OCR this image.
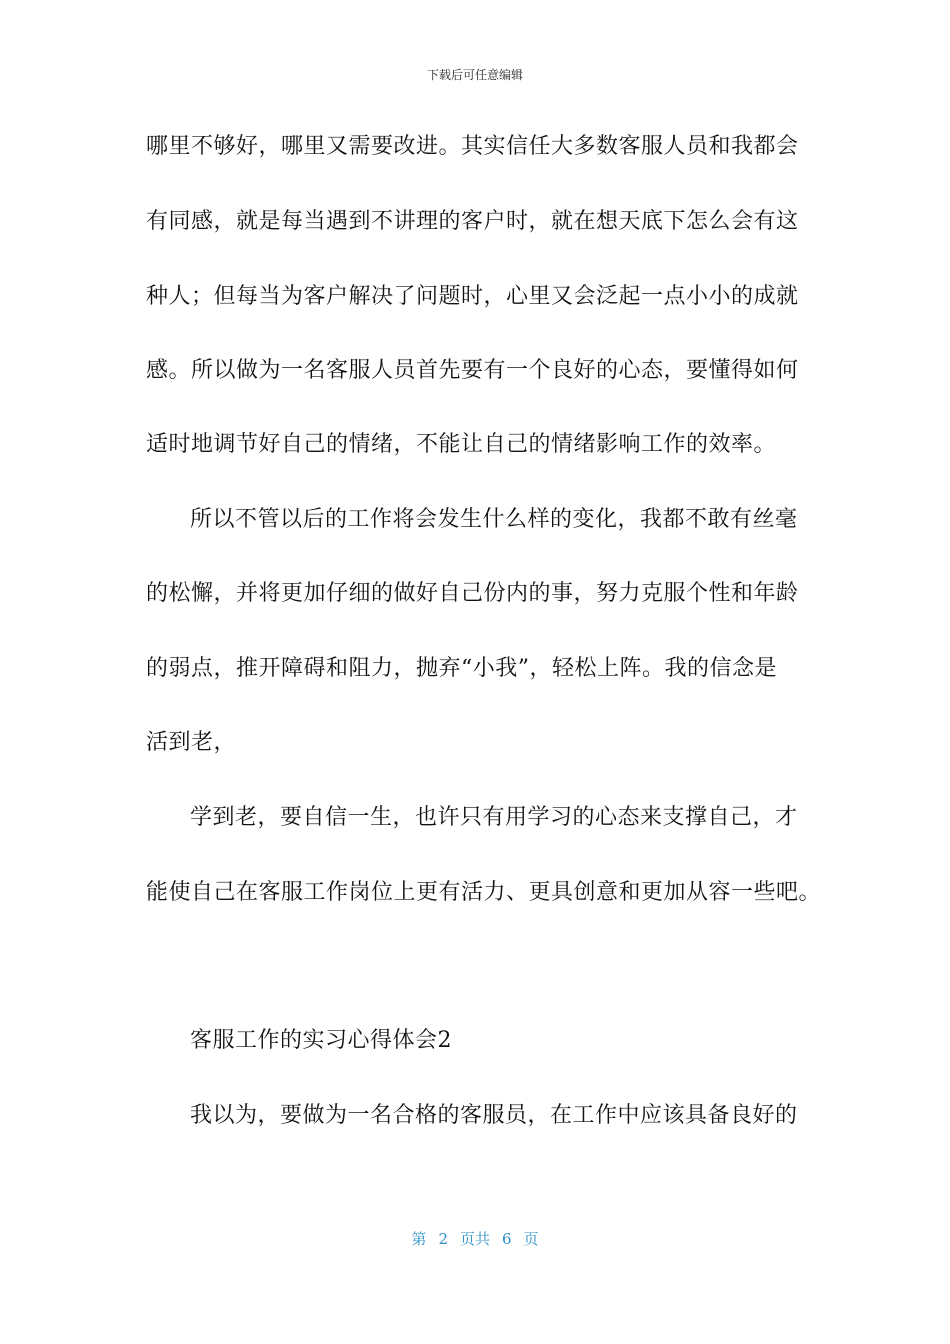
下载后可任意编辑
哪里不够好，哪里又需要改进。其实信任大多数客服人员和我都会
有同感，就是每当遇到不讲理的客户时，就在想天底下怎么会有这
种人；但每当为客户解决了问题时，心里又会泛起一点小小的成就
感。所以做为一名客服人员首先要有一个良好的心态，要懂得如何
适时地调节好自己的情绪，不能让自己的情绪影响工作的效率。
所以不管以后的工作将会发生什么样的变化，我都不敢有丝毫
的松懈，并将更加仔细的做好自己份内的事，努力克服个性和年龄
的弱点，推开障碍和阻力，抛弃“小我”，轻松上阵。我的信念是
活到老，
学到老，要自信一生，也许只有用学习的心态来支撑自己，才
能使自己在客服工作岗位上更有活力、更具创意和更加从容一些吧。
客服工作的实习心得体会2
我以为，要做为一名合格的客服员，在工作中应该具备良好的
第 2 页共 6 页
